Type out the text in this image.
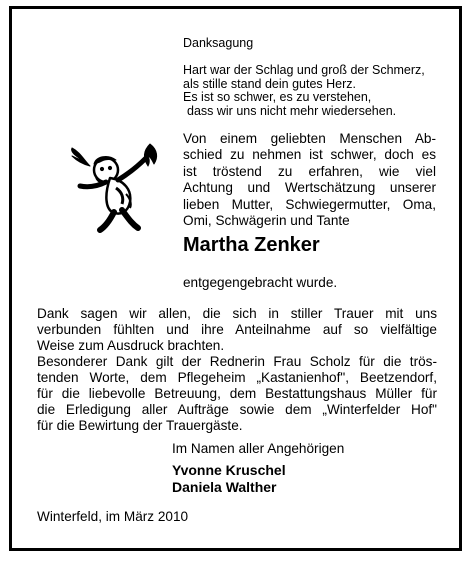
Danksagung

Hart war der Schlag und groß der Schmerz,
als stille stand dein gutes Herz.
Es ist so schwer, es zu verstehen,
dass wir uns nicht mehr wiedersehen.
Von einem geliebten Menschen Ab-
schied zu nehmen ist schwer, doch es
ist tröstend zu erfahren, wie viel
Achtung und Wertschätzung unserer
lieben Mutter, Schwiegermutter, Oma,
Omi, Schwägerin und Tante

Martha Zenker

entgegengebracht wurde.

Dank sagen wir allen, die sich in stiller Trauer mit uns
verbunden fühlten und ihre Anteilnahme auf so vielfältige
Weise zum Ausdruck brachten.
Besonderer Dank gilt der Rednerin Frau Scholz für die trös-
tenden Worte, dem Pflegeheim „Kastanienhof", Beetzendorf,
für die liebevolle Betreuung, dem Bestattungshaus Müller für
die Erledigung aller Aufträge sowie dem „Winterfelder Hof"
für die Bewirtung der Trauergäste.

Im Namen aller Angehörigen

Yvonne Kruschel

Daniela Walther

Winterfeld, im März 2010
